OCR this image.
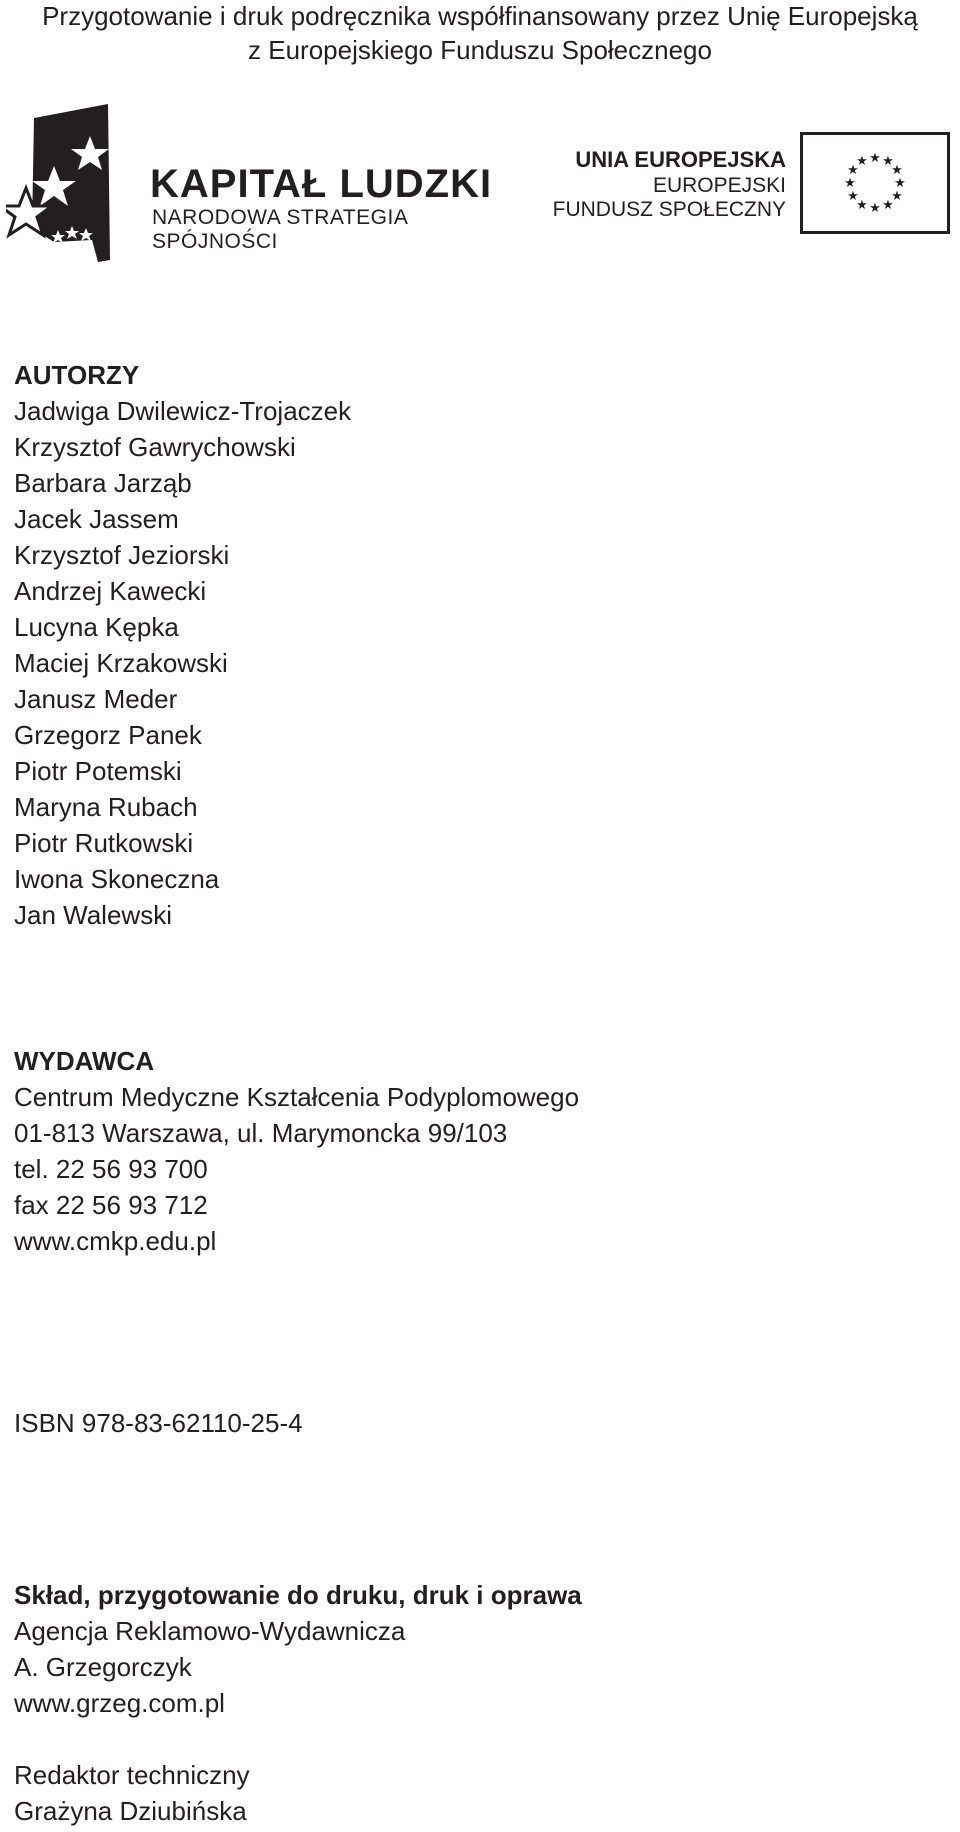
Przygotowanie i druk podręcznika współfinansowany przez Unię Europejską
z Europejskiego Funduszu Społecznego
KAPITAŁ LUDZKI
NARODOWA STRATEGIA SPÓJNOŚCI
UNIA EUROPEJSKA
EUROPEJSKI
FUNDUSZ SPOŁECZNY
★ ★
★
★
★
★
★
★
★
★
★
★
AUTORZY
Jadwiga Dwilewicz-Trojaczek
Krzysztof Gawrychowski
Barbara Jarząb
Jacek Jassem
Krzysztof Jeziorski
Andrzej Kawecki
Lucyna Kępka
Maciej Krzakowski
Janusz Meder
Grzegorz Panek
Piotr Potemski
Maryna Rubach
Piotr Rutkowski
Iwona Skoneczna
Jan Walewski
WYDAWCA
Centrum Medyczne Kształcenia Podyplomowego
01-813 Warszawa, ul. Marymoncka 99/103
tel. 22 56 93 700
fax 22 56 93 712
www.cmkp.edu.pl
ISBN 978-83-62110-25-4
Skład, przygotowanie do druku, druk i oprawa
Agencja Reklamowo-Wydawnicza
A. Grzegorczyk
www.grzeg.com.pl
Redaktor techniczny
Grażyna Dziubińska
